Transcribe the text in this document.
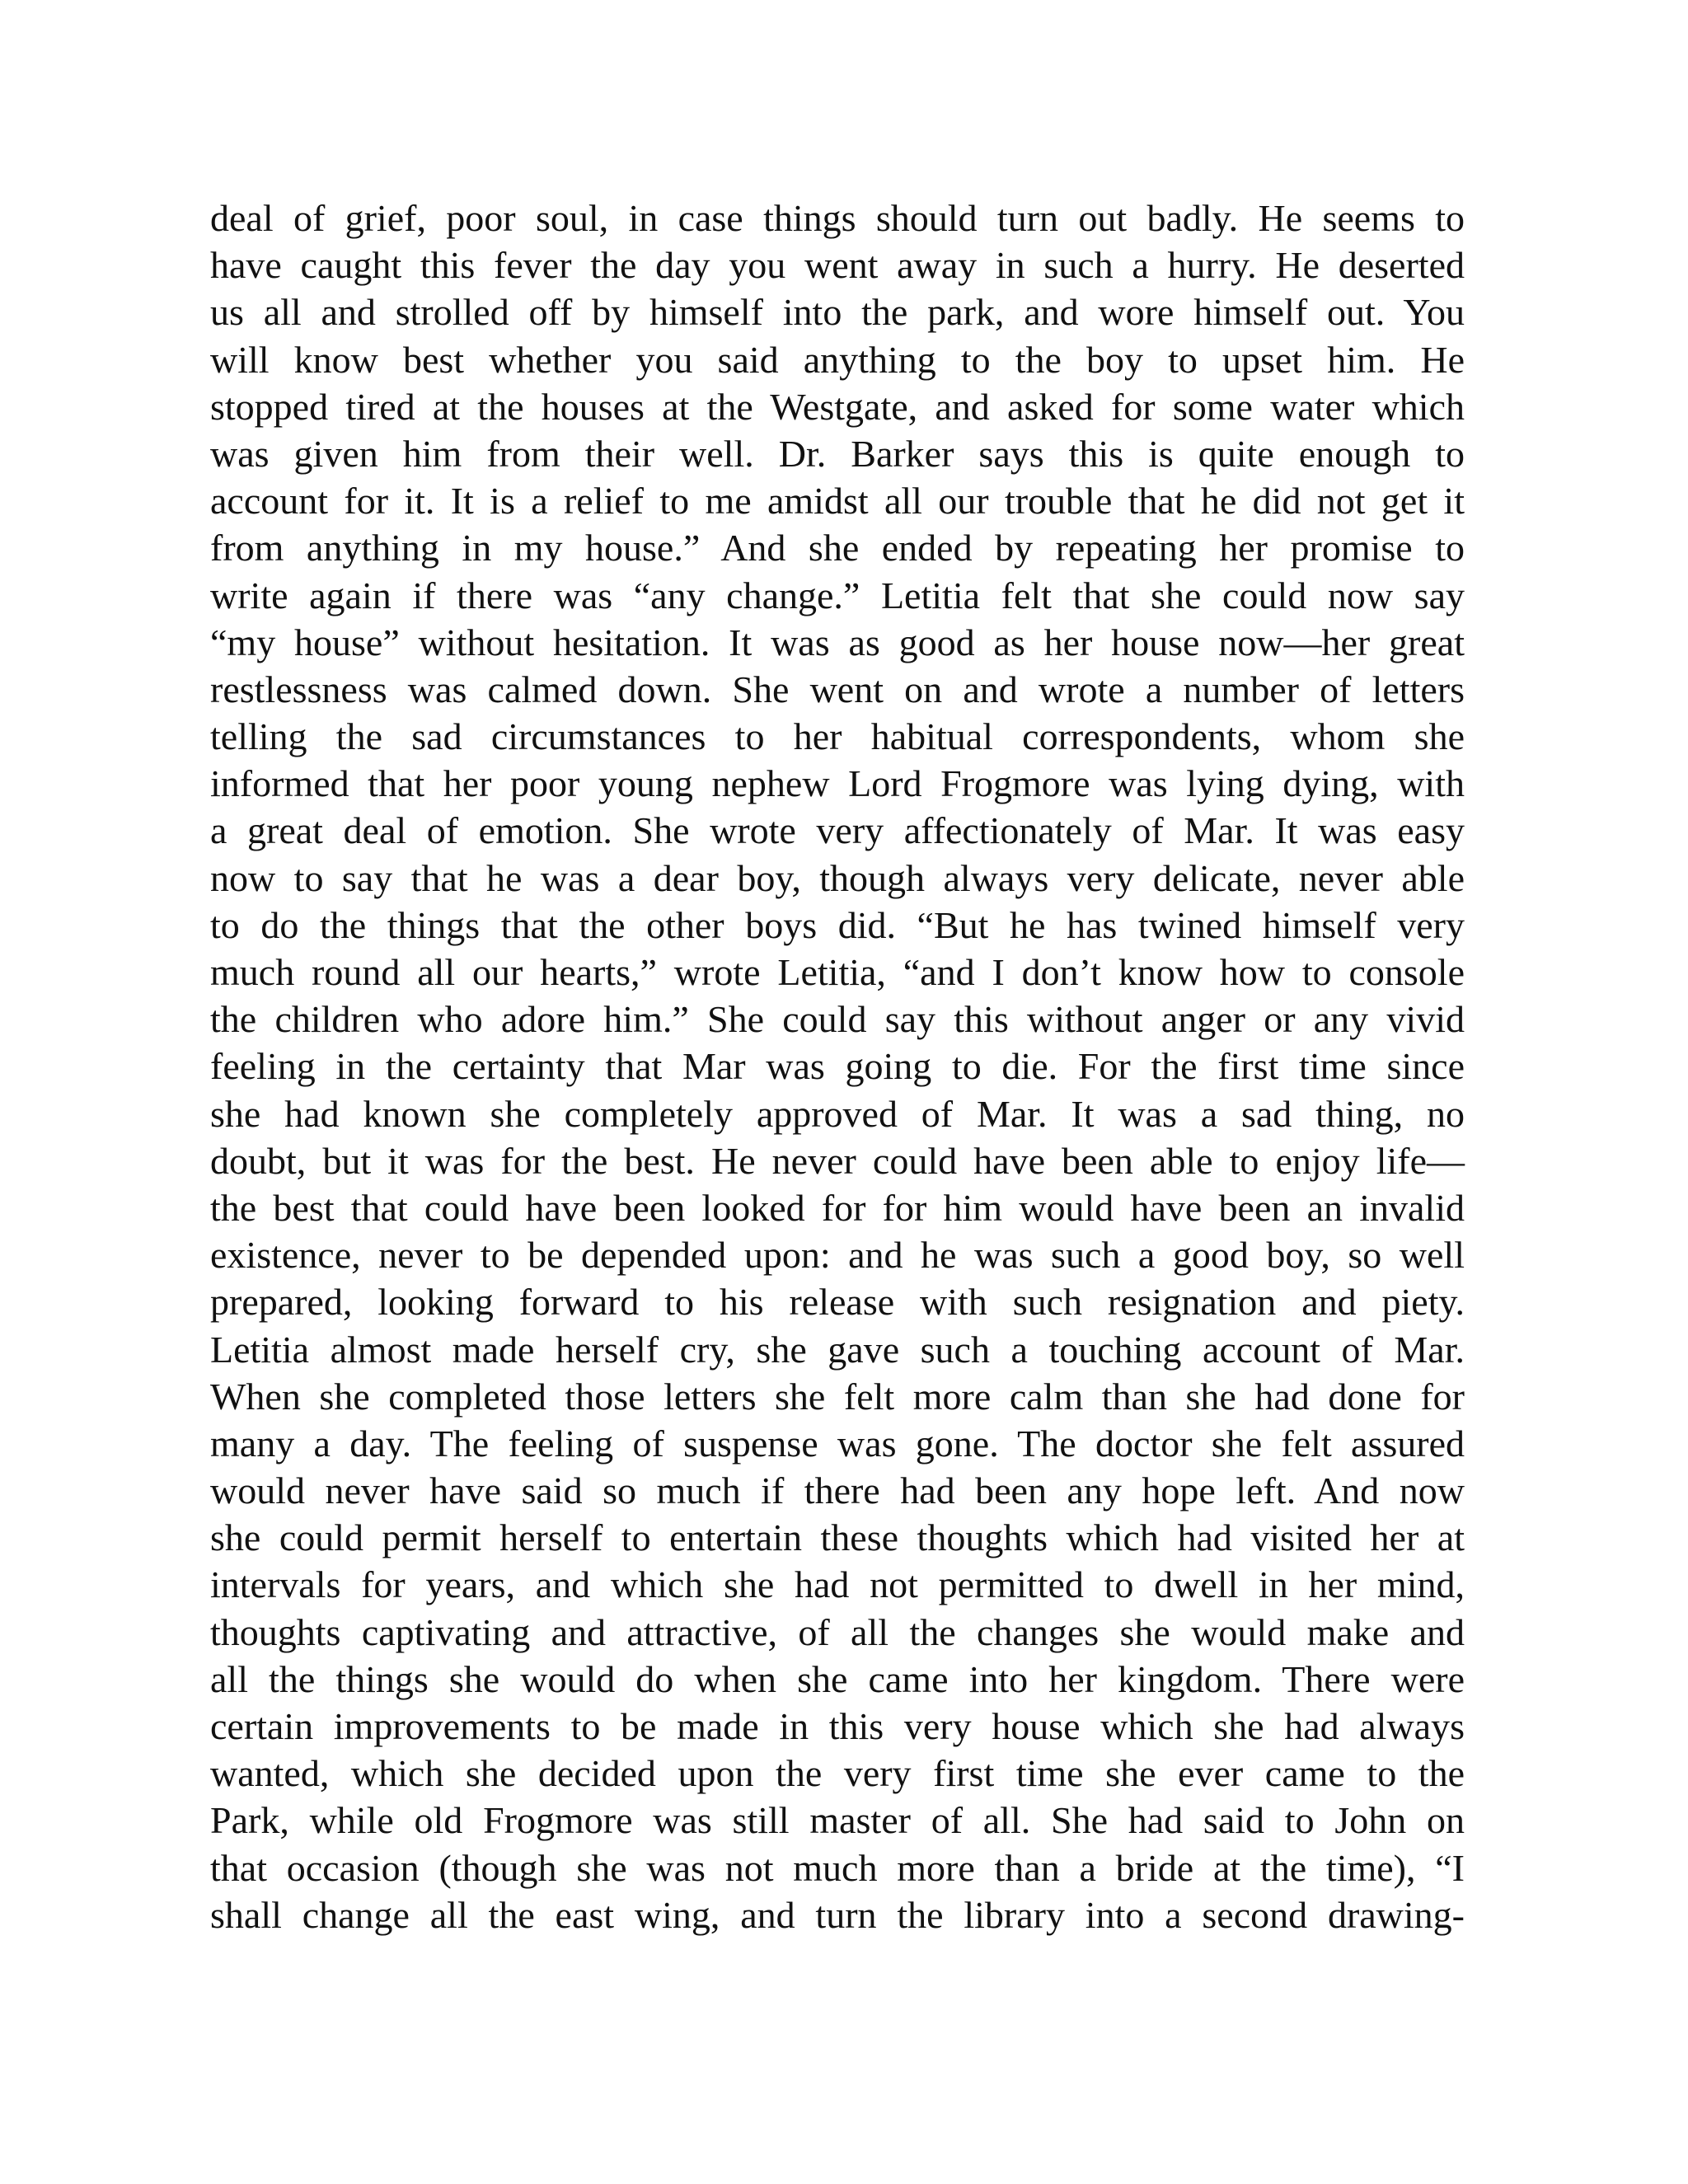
deal of grief, poor soul, in case things should turn out badly. He seems to
have caught this fever the day you went away in such a hurry. He deserted
us all and strolled off by himself into the park, and wore himself out. You
will know best whether you said anything to the boy to upset him. He
stopped tired at the houses at the Westgate, and asked for some water which
was given him from their well. Dr. Barker says this is quite enough to
account for it. It is a relief to me amidst all our trouble that he did not get it
from anything in my house.” And she ended by repeating her promise to
write again if there was “any change.” Letitia felt that she could now say
“my house” without hesitation. It was as good as her house now—her great
restlessness was calmed down. She went on and wrote a number of letters
telling the sad circumstances to her habitual correspondents, whom she
informed that her poor young nephew Lord Frogmore was lying dying, with
a great deal of emotion. She wrote very affectionately of Mar. It was easy
now to say that he was a dear boy, though always very delicate, never able
to do the things that the other boys did. “But he has twined himself very
much round all our hearts,” wrote Letitia, “and I don’t know how to console
the children who adore him.” She could say this without anger or any vivid
feeling in the certainty that Mar was going to die. For the first time since
she had known she completely approved of Mar. It was a sad thing, no
doubt, but it was for the best. He never could have been able to enjoy life—
the best that could have been looked for for him would have been an invalid
existence, never to be depended upon: and he was such a good boy, so well
prepared, looking forward to his release with such resignation and piety.
Letitia almost made herself cry, she gave such a touching account of Mar.
When she completed those letters she felt more calm than she had done for
many a day. The feeling of suspense was gone. The doctor she felt assured
would never have said so much if there had been any hope left. And now
she could permit herself to entertain these thoughts which had visited her at
intervals for years, and which she had not permitted to dwell in her mind,
thoughts captivating and attractive, of all the changes she would make and
all the things she would do when she came into her kingdom. There were
certain improvements to be made in this very house which she had always
wanted, which she decided upon the very first time she ever came to the
Park, while old Frogmore was still master of all. She had said to John on
that occasion (though she was not much more than a bride at the time), “I
shall change all the east wing, and turn the library into a second drawing-
